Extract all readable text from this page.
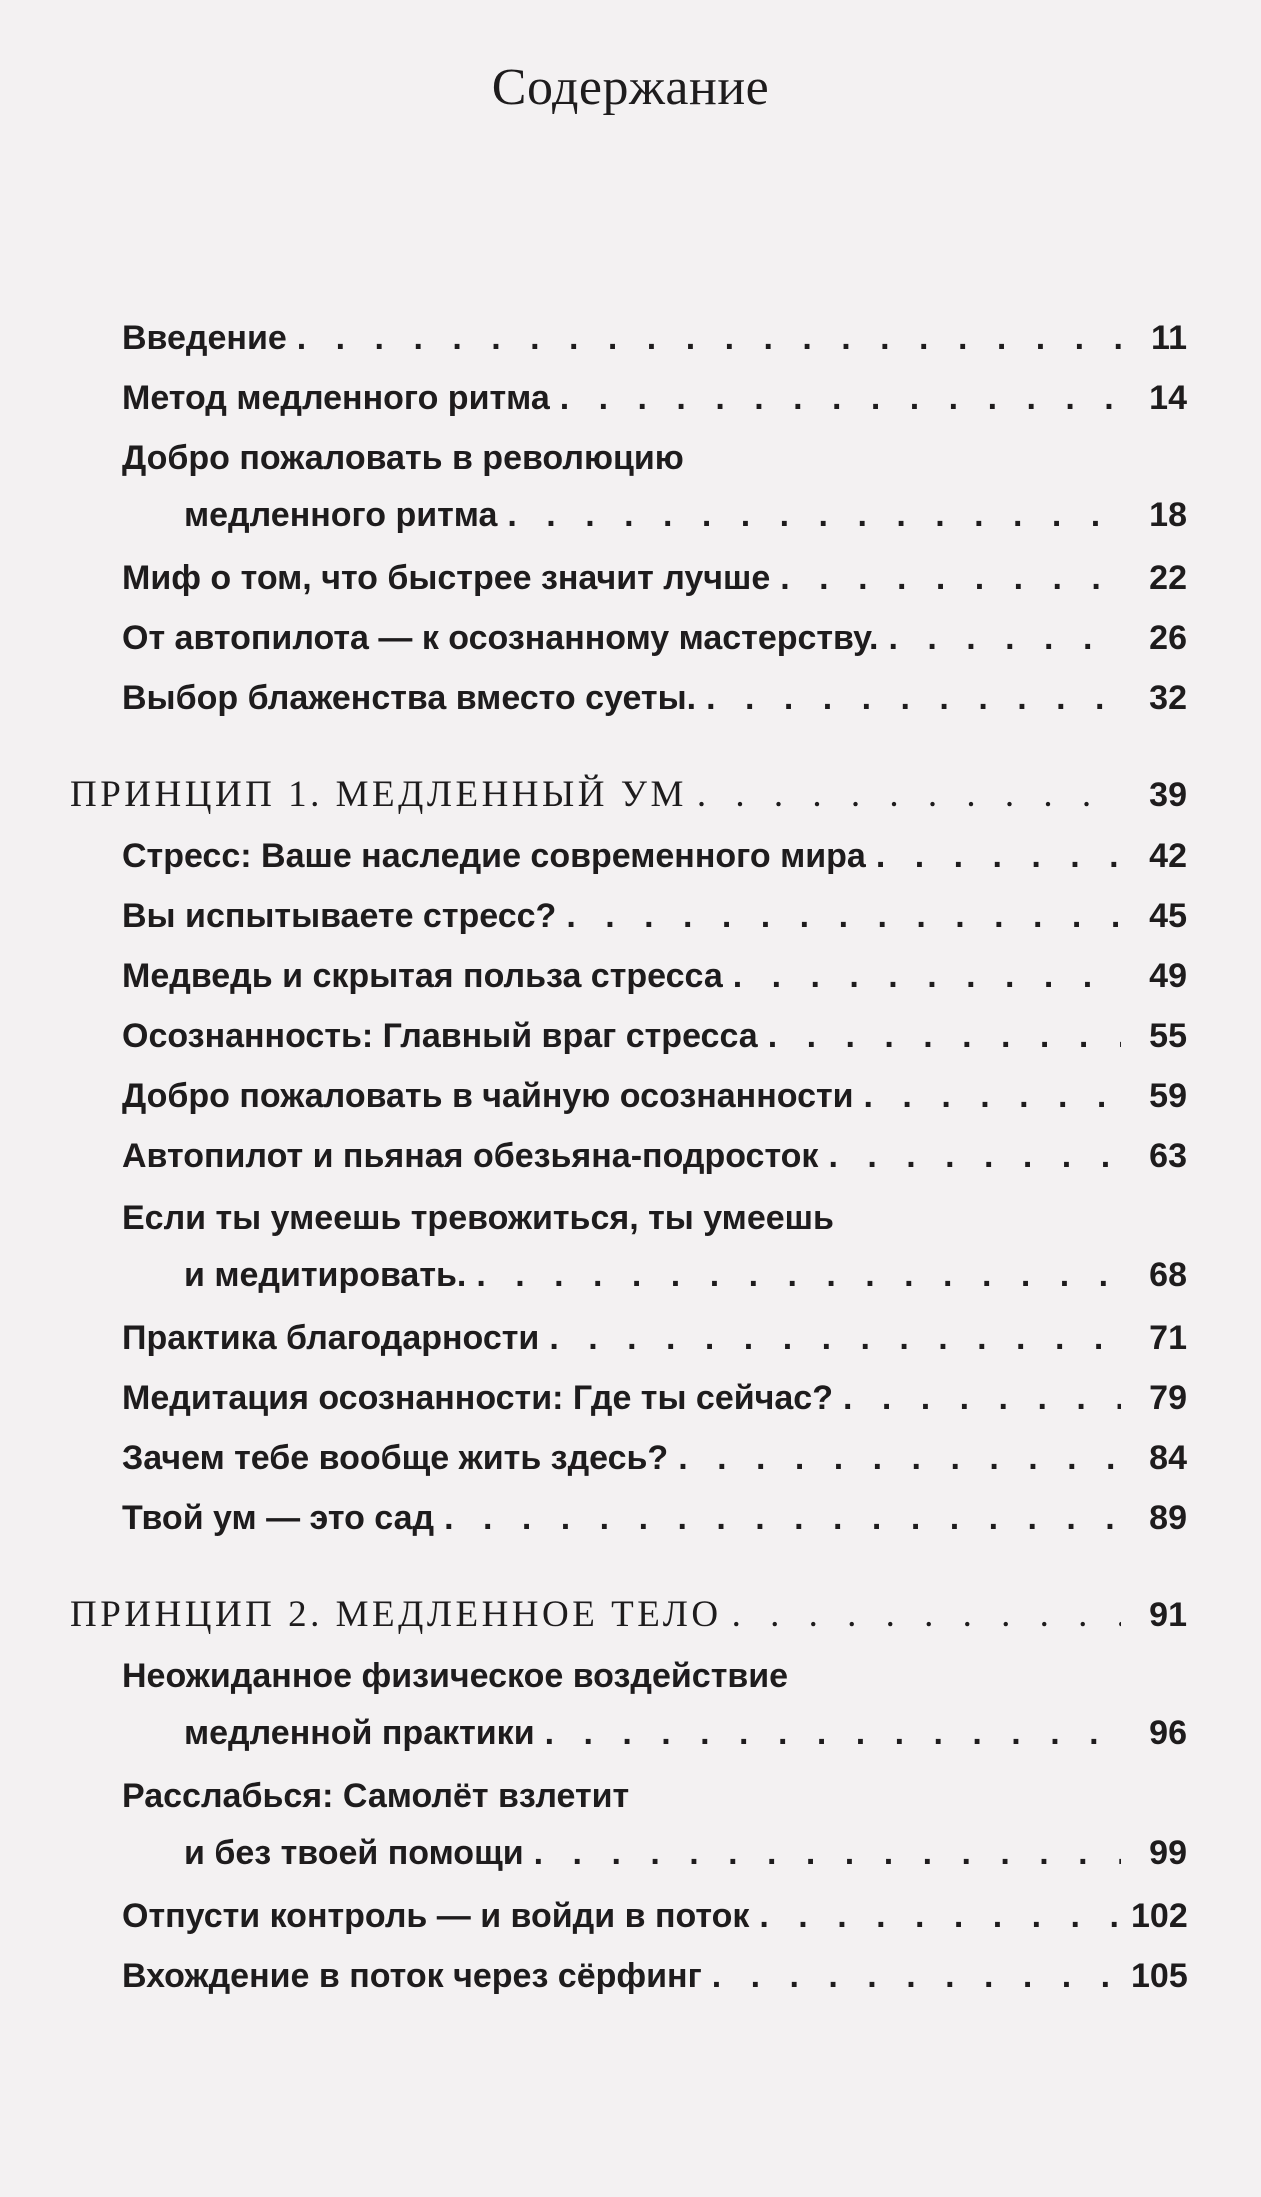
Содержание
Введение . . .	11
Метод медленного ритма . . .	14
Добро пожаловать в революцию
медленного ритма . . .	18
Миф о том, что быстрее значит лучше . . .	22
От автопилота — к осознанному мастерству. . . .	26
Выбор блаженства вместо суеты. . . .	32
ПРИНЦИП 1. МЕДЛЕННЫЙ УМ . . .	39
Стресс: Ваше наследие современного мира . . .	42
Вы испытываете стресс? . . .	45
Медведь и скрытая польза стресса . . .	49
Осознанность: Главный враг стресса . . .	55
Добро пожаловать в чайную осознанности . . .	59
Автопилот и пьяная обезьяна-подросток . . .	63
Если ты умеешь тревожиться, ты умеешь
и медитировать. . . .	68
Практика благодарности . . .	71
Медитация осознанности: Где ты сейчас? . . .	79
Зачем тебе вообще жить здесь? . . .	84
Твой ум — это сад . . .	89
ПРИНЦИП 2. МЕДЛЕННОЕ ТЕЛО . . .	91
Неожиданное физическое воздействие
медленной практики . . .	96
Расслабься: Самолёт взлетит
и без твоей помощи . . .	99
Отпусти контроль — и войди в поток . . .	102
Вхождение в поток через сёрфинг . . .	105
